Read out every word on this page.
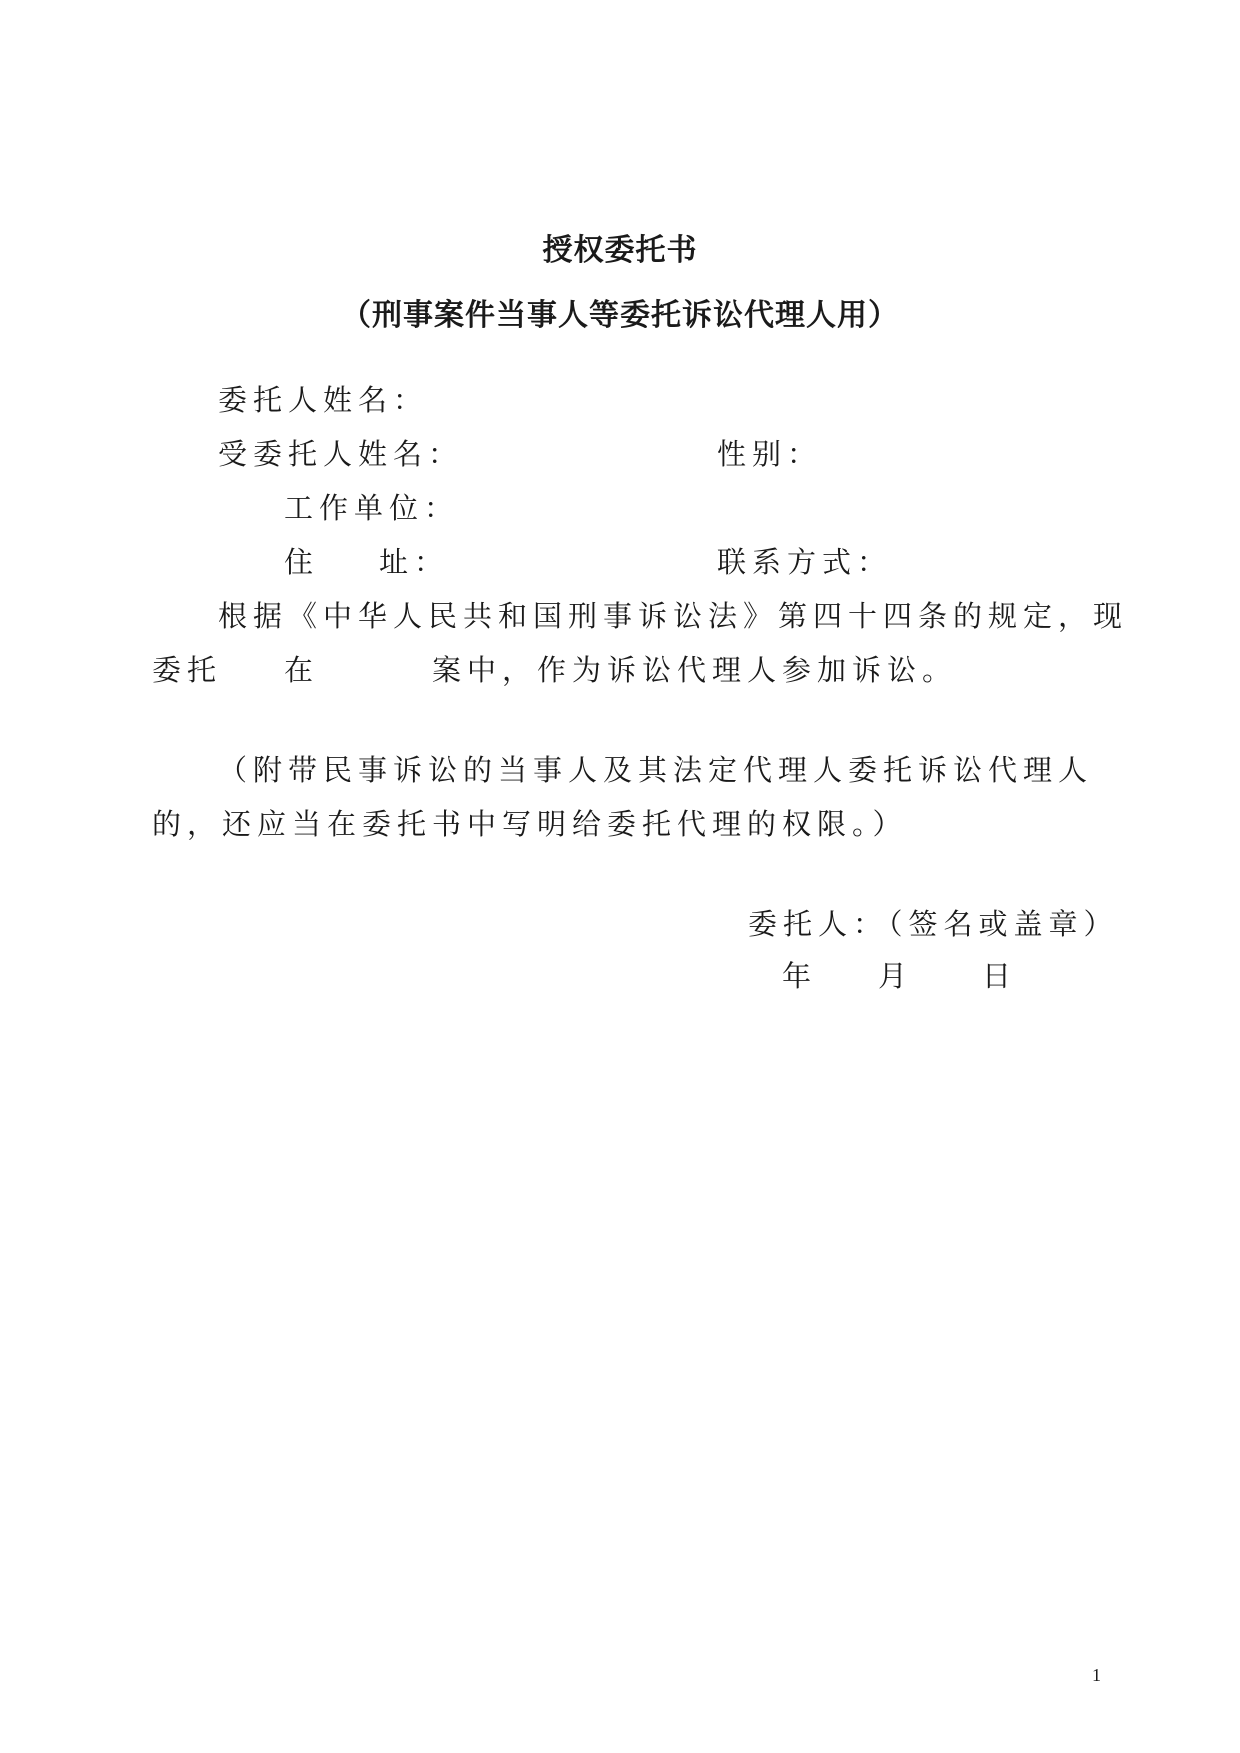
授权委托书
（刑事案件当事人等委托诉讼代理人用）
委托人姓名：
受委托人姓名：	性别：
工作单位：
住 址：	联系方式：
根据《中华人民共和国刑事诉讼法》第四十四条的规定，现
委托 在	案中，作为诉讼代理人参加诉讼。
（附带民事诉讼的当事人及其法定代理人委托诉讼代理人
的，还应当在委托书中写明给委托代理的权限。）
委托人：（签名或盖章）
年 月 日
1
